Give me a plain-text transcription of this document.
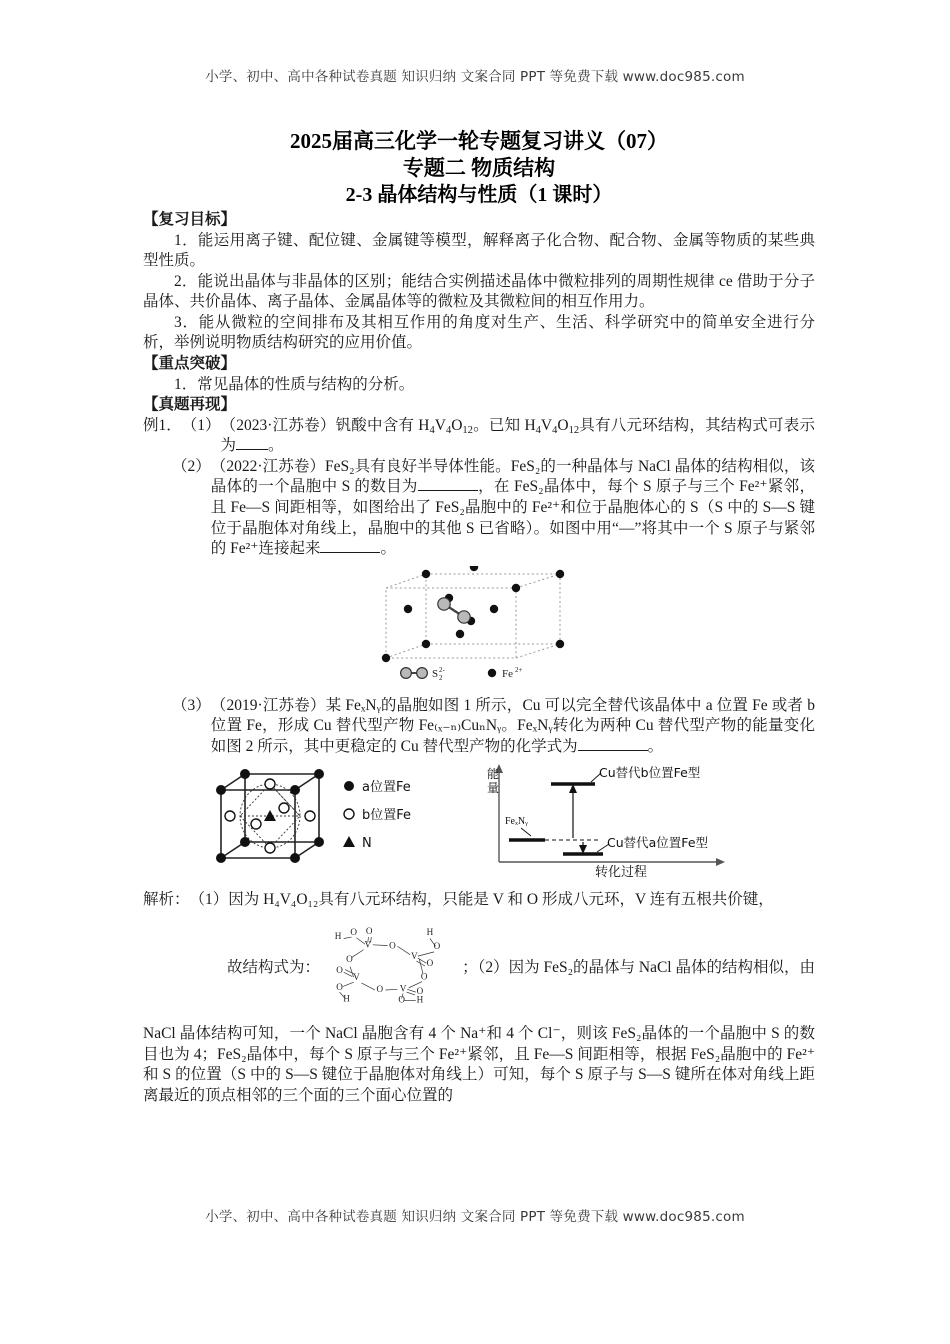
小学、初中、高中各种试卷真题 知识归纳 文案合同 PPT 等免费下载 www.doc985.com
2025届高三化学一轮专题复习讲义（07）
专题二 物质结构
2-3 晶体结构与性质（1 课时）
【复习目标】

1．能运用离子键、配位键、金属键等模型，解释离子化合物、配合物、金属等物质的某些典型性质。

2．能说出晶体与非晶体的区别；能结合实例描述晶体中微粒排列的周期性规律 ce 借助于分子晶体、共价晶体、离子晶体、金属晶体等的微粒及其微粒间的相互作用力。

3．能从微粒的空间排布及其相互作用的角度对生产、生活、科学研究中的简单安全进行分析，举例说明物质结构研究的应用价值。

【重点突破】

1．常见晶体的性质与结构的分析。

【真题再现】
例1． （1） （2023·江苏卷）钒酸中含有 $H_4V_4O_{12}$。已知 $H_4V_4O_{12}$具有八元环结构，其结构式可表示为 。
（2） （2022·江苏卷）FeS₂具有良好半导体性能。FeS₂的一种晶体与 NaCl 晶体的结构相似，该晶体的一个晶胞中 S 的数目为	，在 FeS₂晶体中，每个 S 原子与三个 Fe²⁺紧邻，且 Fe—S 间距相等，如图给出了 FeS₂晶胞中的 Fe²⁺和位于晶胞体心的 S（S 中的 S—S 键位于晶胞体对角线上，晶胞中的其他 S 已省略）。如图中用“—”将其中一个 S 原子与紧邻的 Fe²⁺连接起来	。
S 2
2-	Fe 2+
（3） （2019·江苏卷）某 FeₓNᵧ的晶胞如图 1 所示，Cu 可以完全替代该晶体中 a 位置 Fe 或者 b 位置 Fe，形成 Cu 替代型产物 Fe₍ₓ₋ₙ₎CuₙNᵧ。FeₓNᵧ转化为两种 Cu 替代型产物的能量变化如图 2 所示，其中更稳定的 Cu 替代型产物的化学式为	。
a位置Fe
b位置Fe
N
能
量
转化过程
FeₓNᵧ
Cu替代b位置Fe型
Cu替代a位置Fe型
解析： （1）因为 H₄V₄O₁₂具有八元环结构，只能是 V 和 O 形成八元环，V 连有五根共价键，
故结构式为：
V
V
V
V
O
O
O
O
O
O
O
O
O
O
O
O
H	H
H
H
；（2）因为 FeS₂的晶体与 NaCl 晶体的结构相似，由

NaCl 晶体结构可知，一个 NaCl 晶胞含有 4 个 Na⁺和 4 个 Cl⁻，则该 FeS₂晶体的一个晶胞中 S 的数目也为 4；FeS₂晶体中，每个 S 原子与三个 Fe²⁺紧邻，且 Fe—S 间距相等，根据 FeS₂晶胞中的 Fe²⁺和 S 的位置（S 中的 S—S 键位于晶胞体对角线上）可知，每个 S 原子与 S—S 键所在体对角线上距离最近的顶点相邻的三个面的三个面心位置的

小学、初中、高中各种试卷真题 知识归纳 文案合同 PPT 等免费下载 www.doc985.com
